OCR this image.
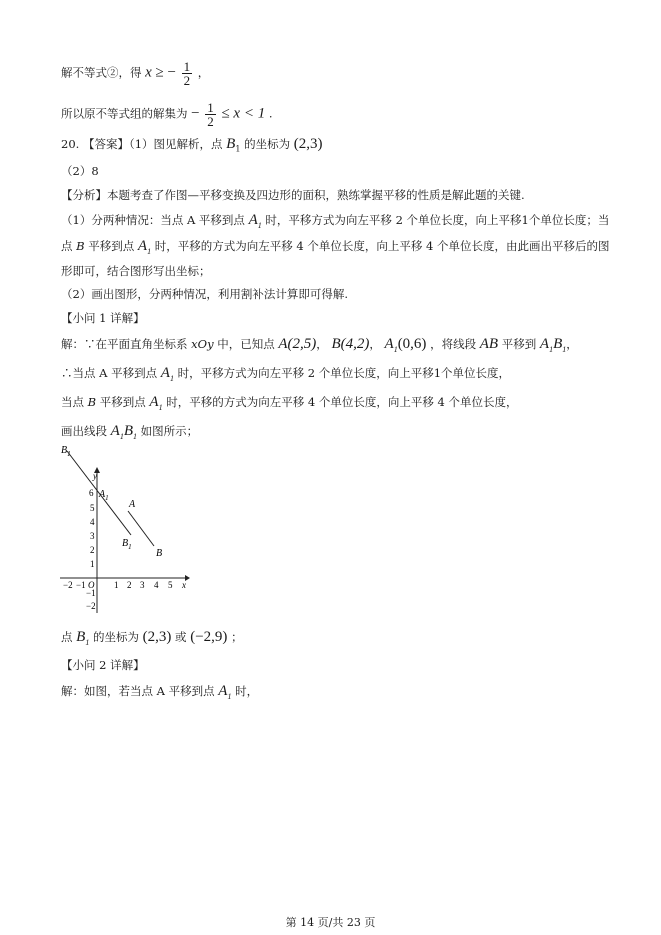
解不等式②，得 x ≥ − $\frac{1}{2}$ ，
所以原不等式组的解集为 − $\frac{1}{2} \le x < 1$ .
20. 【答案】（1）图见解析，点 $B_1$ 的坐标为 (2,3)
（2）8
【分析】本题考查了作图—平移变换及四边形的面积，熟练掌握平移的性质是解此题的关键.
（1）分两种情况：当点 A 平移到点 $A_1$ 时，平移方式为向左平移 2 个单位长度，向上平移1个单位长度；当
点 B 平移到点 $A_1$ 时，平移的方式为向左平移 4 个单位长度，向上平移 4 个单位长度，由此画出平移后的图
形即可，结合图形写出坐标；
（2）画出图形，分两种情况，利用割补法计算即可得解.
【小问 1 详解】
解：∵在平面直角坐标系 xOy 中，已知点 A(2,5)， B(4,2)， $A_1(0,6)$ ，将线段 AB 平移到 $A_1B_1$，
∴当点 A 平移到点 $A_1$ 时，平移方式为向左平移 2 个单位长度，向上平移1个单位长度，
当点 B 平移到点 $A_1$ 时，平移的方式为向左平移 4 个单位长度，向上平移 4 个单位长度，
画出线段 $A_1B_1$ 如图所示；
−2 −1 O 1 2 3 4 5 x
6
5
4
3
2
1
−1
−2
y
$B_1$
$A_1$
A
$B_1$
B
点 $B_1$ 的坐标为 (2,3) 或 (−2,9) ；
【小问 2 详解】
解：如图，若当点 A 平移到点 $A_1$ 时，
第 14 页/共 23 页
